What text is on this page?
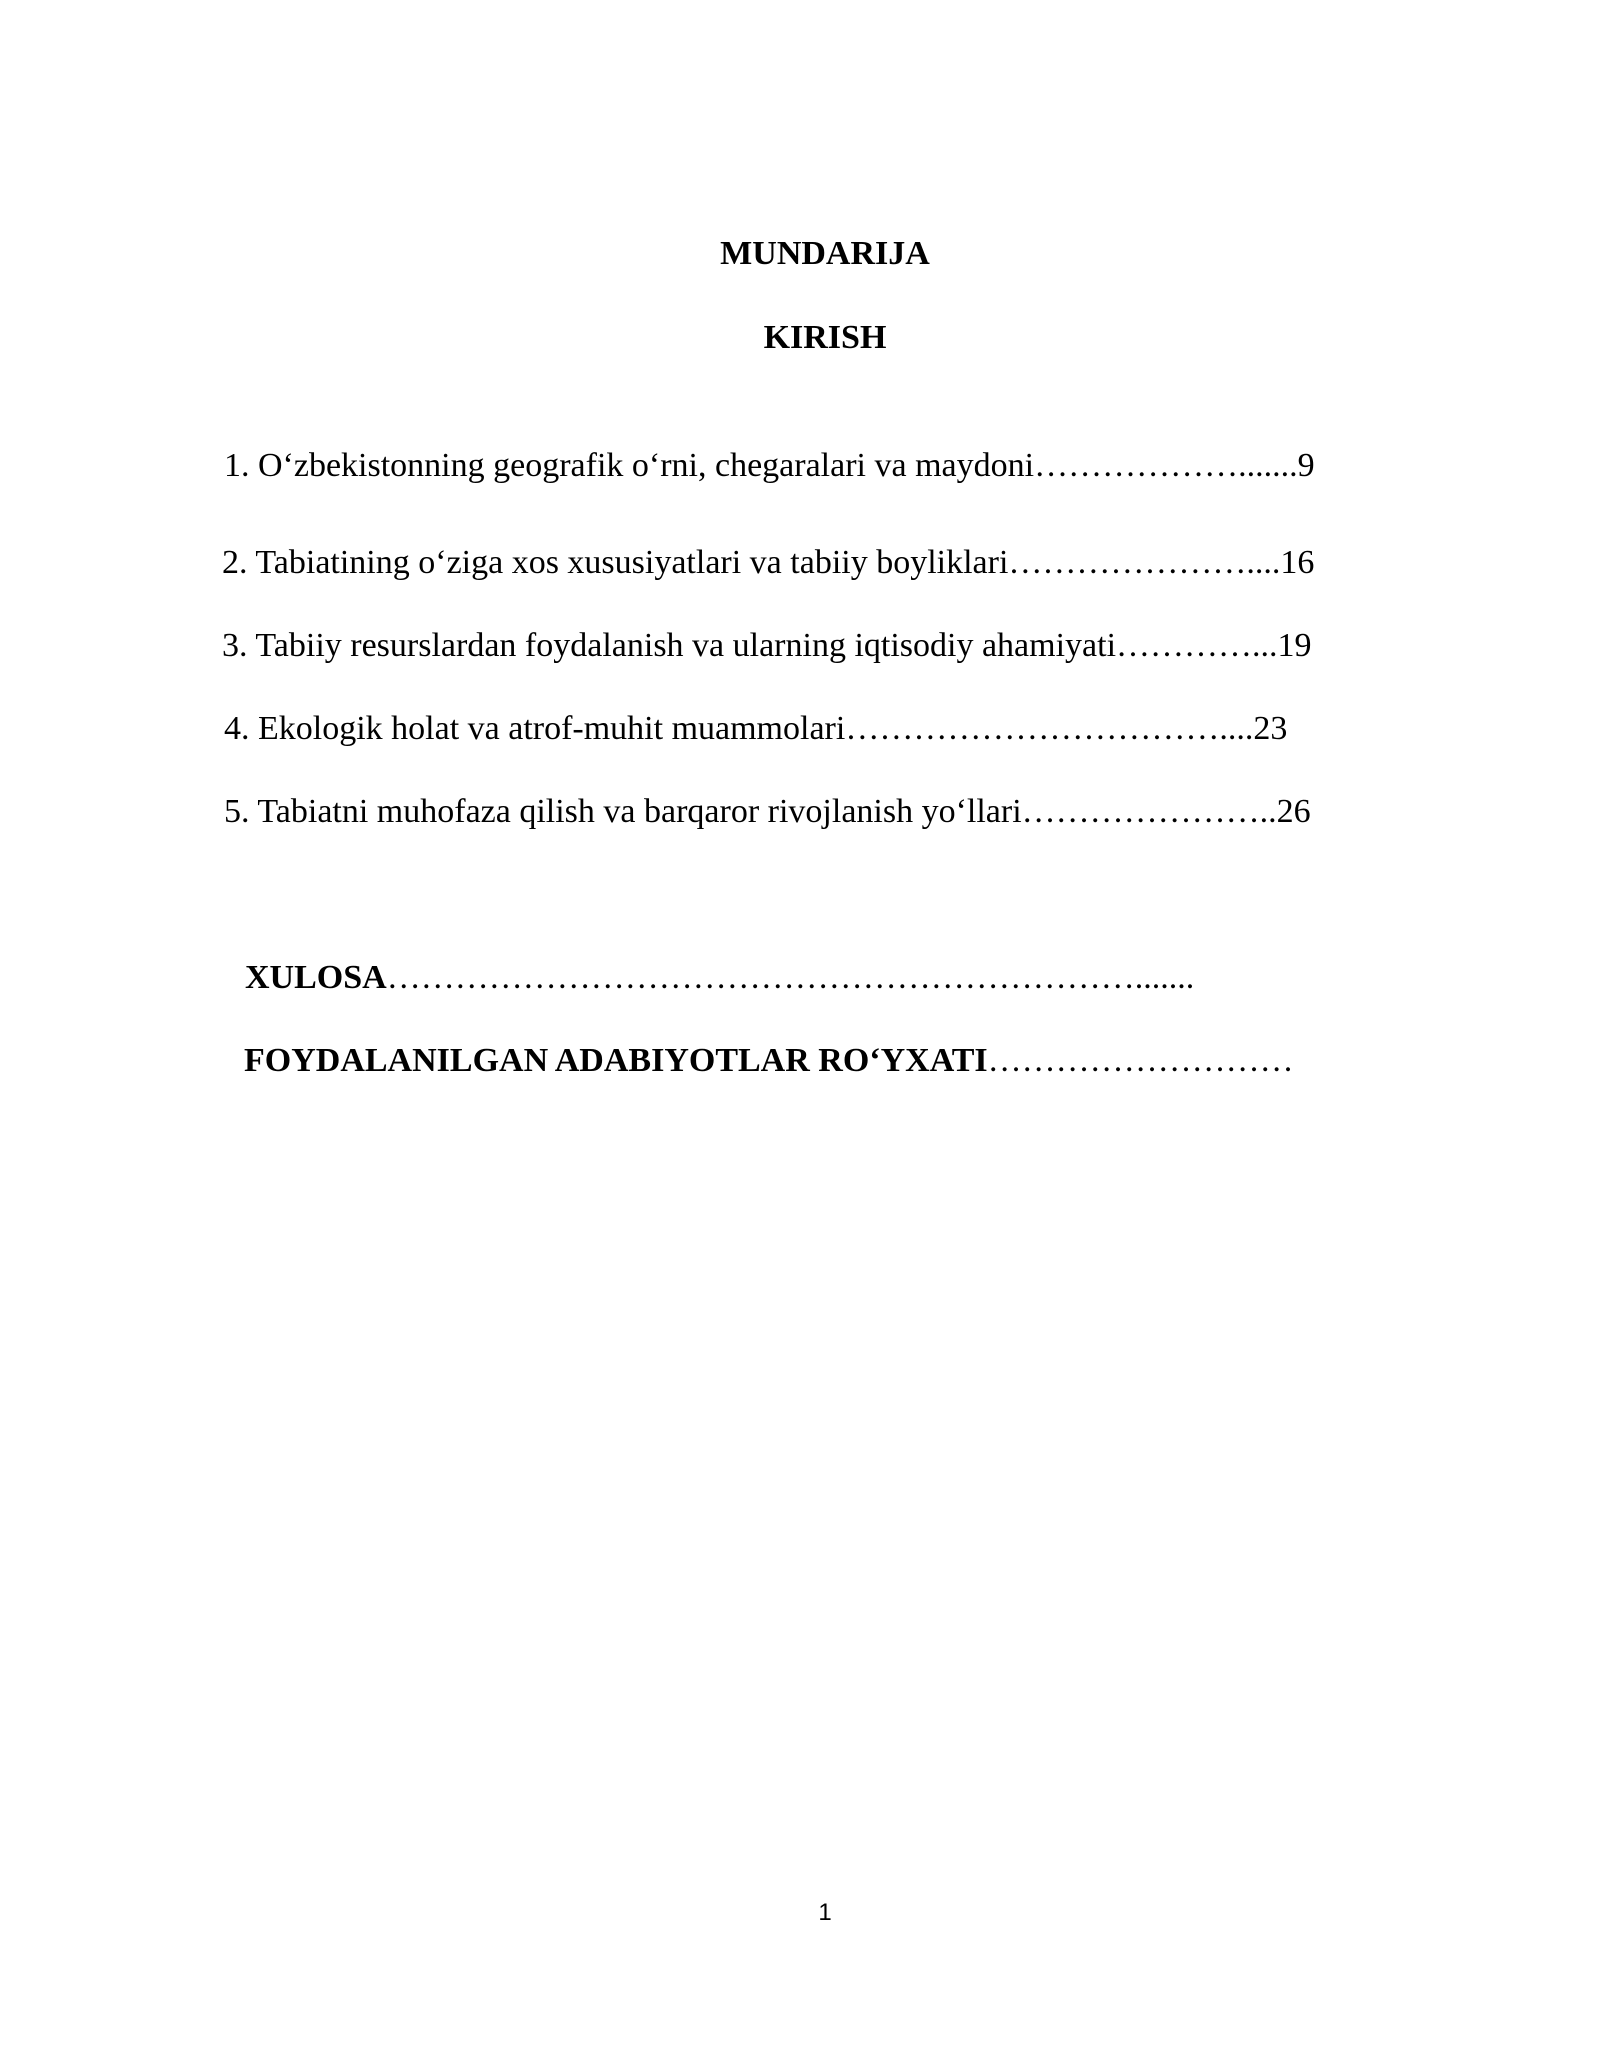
MUNDARIJA
KIRISH
1. O‘zbekistonning geografik o‘rni, chegaralari va maydoni……………….......9
2. Tabiatining o‘ziga xos xususiyatlari va tabiiy boyliklari…………………....16
3. Tabiiy resurslardan foydalanish va ularning iqtisodiy ahamiyati…………...19
4. Ekologik holat va atrof-muhit muammolari……………………………....23
5. Tabiatni muhofaza qilish va barqaror rivojlanish yo‘llari…………………..26
XULOSA………………………………………………………….......
FOYDALANILGAN ADABIYOTLAR RO‘YXATI………………………
1
